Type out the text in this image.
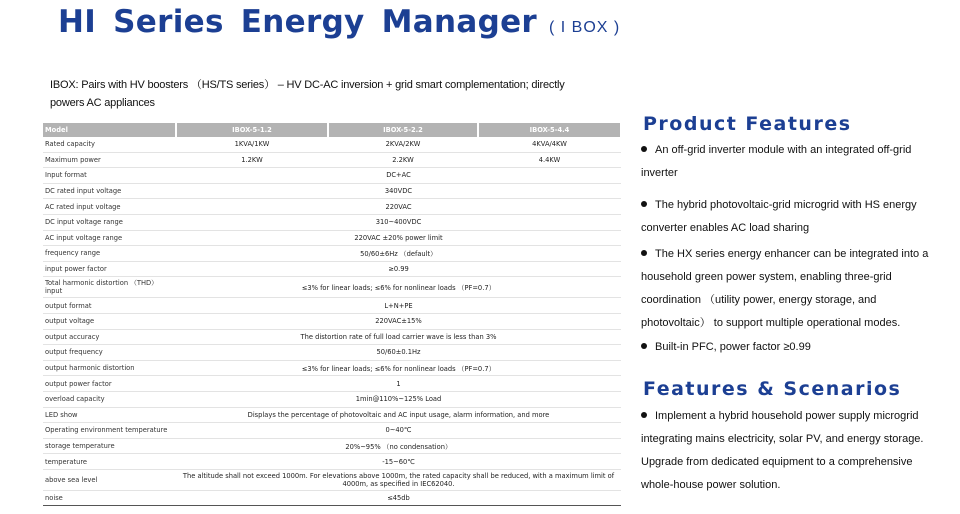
HI Series Energy Manager ( I BOX )
IBOX: Pairs with HV boosters （HS/TS series） – HV DC-AC inversion + grid smart complementation; directly powers AC appliances
Model	IBOX-5-1.2	IBOX-5-2.2	IBOX-5-4.4
Rated capacity	1KVA/1KW	2KVA/2KW	4KVA/4KW
Maximum power	1.2KW	2.2KW	4.4KW
Input format	DC+AC		
DC rated input voltage	340VDC		
AC rated input voltage	220VAC		
DC input voltage range	310~400VDC		
AC input voltage range	220VAC ±20% power limit		
frequency range	50/60±6Hz （default）		
input power factor	≥0.99		
Total harmonic distortion （THD） input	≤3% for linear loads; ≤6% for nonlinear loads （PF=0.7）		
output format	L+N+PE		
output voltage	220VAC±15%		
output accuracy	The distortion rate of full load carrier wave is less than 3%		
output frequency	50/60±0.1Hz		
output harmonic distortion	≤3% for linear loads; ≤6% for nonlinear loads （PF=0.7）		
output power factor	1		
overload capacity	1min@110%~125% Load		
LED show	Displays the percentage of photovoltaic and AC input usage, alarm information, and more		
Operating environment temperature	0~40℃		
storage temperature	20%~95% （no condensation）		
temperature	-15~60℃		
above sea level	The altitude shall not exceed 1000m. For elevations above 1000m, the rated capacity shall be reduced, with a maximum limit of 4000m, as specified in IEC62040.		
noise	≤45db		
Product Features
An off-grid inverter module with an integrated off-grid inverter
The hybrid photovoltaic-grid microgrid with HS energy converter enables AC load sharing
The HX series energy enhancer can be integrated into a household green power system, enabling three-grid coordination （utility power, energy storage, and photovoltaic） to support multiple operational modes.
Built-in PFC, power factor ≥0.99
Features & Scenarios
Implement a hybrid household power supply microgrid integrating mains electricity, solar PV, and energy storage. Upgrade from dedicated equipment to a comprehensive whole-house power solution.
